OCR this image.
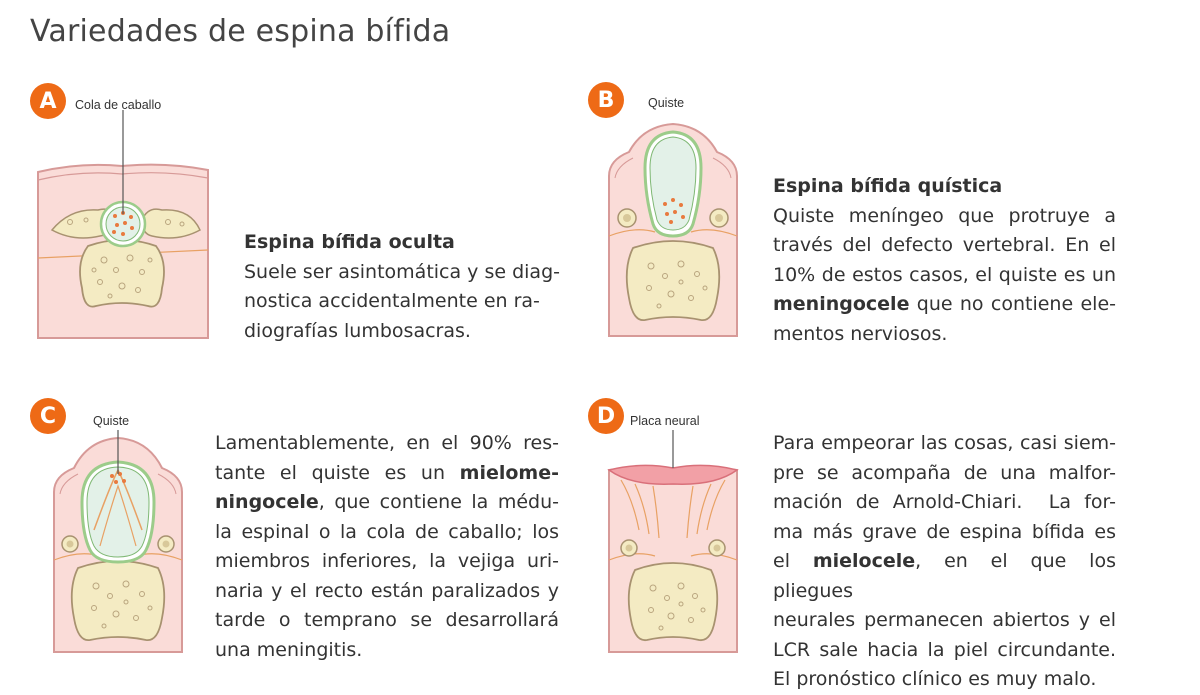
Variedades de espina bífida
A	Cola de caballo

Espina bífida oculta

Suele ser asintomática y se diag-

nostica accidentalmente en ra-

diografías lumbosacras.

B	Quiste

Espina bífida quística

Quiste meníngeo que protruye a

través del defecto vertebral. En el

10% de estos casos, el quiste es un

meningocele que no contiene ele-

mentos nerviosos.

C	Quiste

Lamentablemente, en el 90% res-

tante el quiste es un mielome-

ningocele, que contiene la médu-

la espinal o la cola de caballo; los

miembros inferiores, la vejiga uri-

naria y el recto están paralizados y

tarde o temprano se desarrollará

una meningitis.

D	Placa neural

Para empeorar las cosas, casi siem-

pre se acompaña de una malfor-

mación de Arnold-Chiari.  La for-

ma más grave de espina bífida es

el mielocele, en el que los pliegues

neurales permanecen abiertos y el

LCR sale hacia la piel circundante.

El pronóstico clínico es muy malo.
